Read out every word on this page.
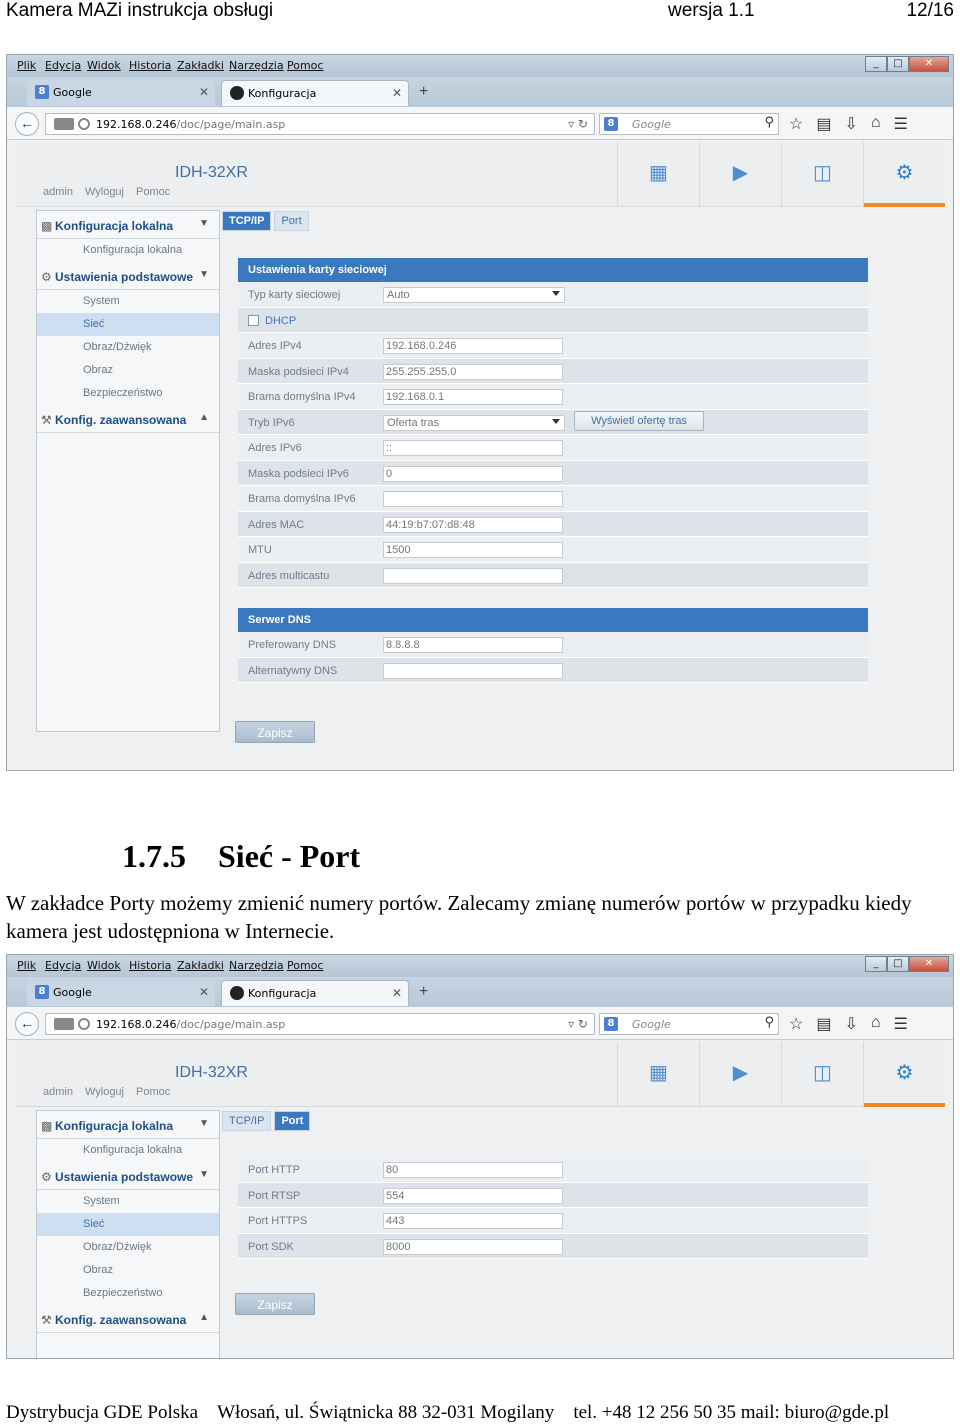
Kamera MAZi instrukcja obsługi	wersja 1.1	12/16
Plik Edycja Widok Historia Zakładki Narzędzia Pomoc	_	□	✕
8 Google	✕	Konfiguracja	✕ +
←	192.168.0.246/doc/page/main.asp	▿ ↻	8	Google	⚲ ☆ ▤ ⇩ ⌂ ☰
IDH-32XR
admin Wyloguj Pomoc
▦	▶	◫	⚙
▩ Konfiguracja lokalna	▼
Konfiguracja lokalna
⚙ Ustawienia podstawowe ▼
System
Sieć
Obraz/Dźwięk
Obraz
Bezpieczeństwo
⚒ Konfig. zaawansowana ▲
TCP/IP	Port
Ustawienia karty sieciowej
Typ karty sieciowej	Auto
DHCP
Adres IPv4	192.168.0.246
Maska podsieci IPv4	255.255.255.0
Brama domyślna IPv4	192.168.0.1
Tryb IPv6	Oferta tras	Wyświetl ofertę tras
Adres IPv6	::
Maska podsieci IPv6	0
Brama domyślna IPv6
Adres MAC	44:19:b7:07:d8:48
MTU	1500
Adres multicastu
Serwer DNS
Preferowany DNS	8.8.8.8
Alternatywny DNS
Zapisz
1.7.5 Sieć - Port
W zakładce Porty możemy zmienić numery portów. Zalecamy zmianę numerów portów w przypadku kiedy kamera jest udostępniona w Internecie.
Plik Edycja Widok Historia Zakładki Narzędzia Pomoc	_	□	✕
8 Google	✕	Konfiguracja	✕ +
←	192.168.0.246/doc/page/main.asp	▿ ↻	8	Google	⚲ ☆ ▤ ⇩ ⌂ ☰
IDH-32XR
admin Wyloguj Pomoc
▦	▶	◫	⚙
▩ Konfiguracja lokalna	▼
Konfiguracja lokalna
⚙ Ustawienia podstawowe ▼
System
Sieć
Obraz/Dźwięk
Obraz
Bezpieczeństwo
⚒ Konfig. zaawansowana ▲
TCP/IP	Port
Port HTTP	80
Port RTSP	554
Port HTTPS	443
Port SDK	8000
Zapisz
Dystrybucja GDE Polska Włosań, ul. Świątnicka 88 32-031 Mogilany tel. +48 12 256 50 35 mail: biuro@gde.pl
